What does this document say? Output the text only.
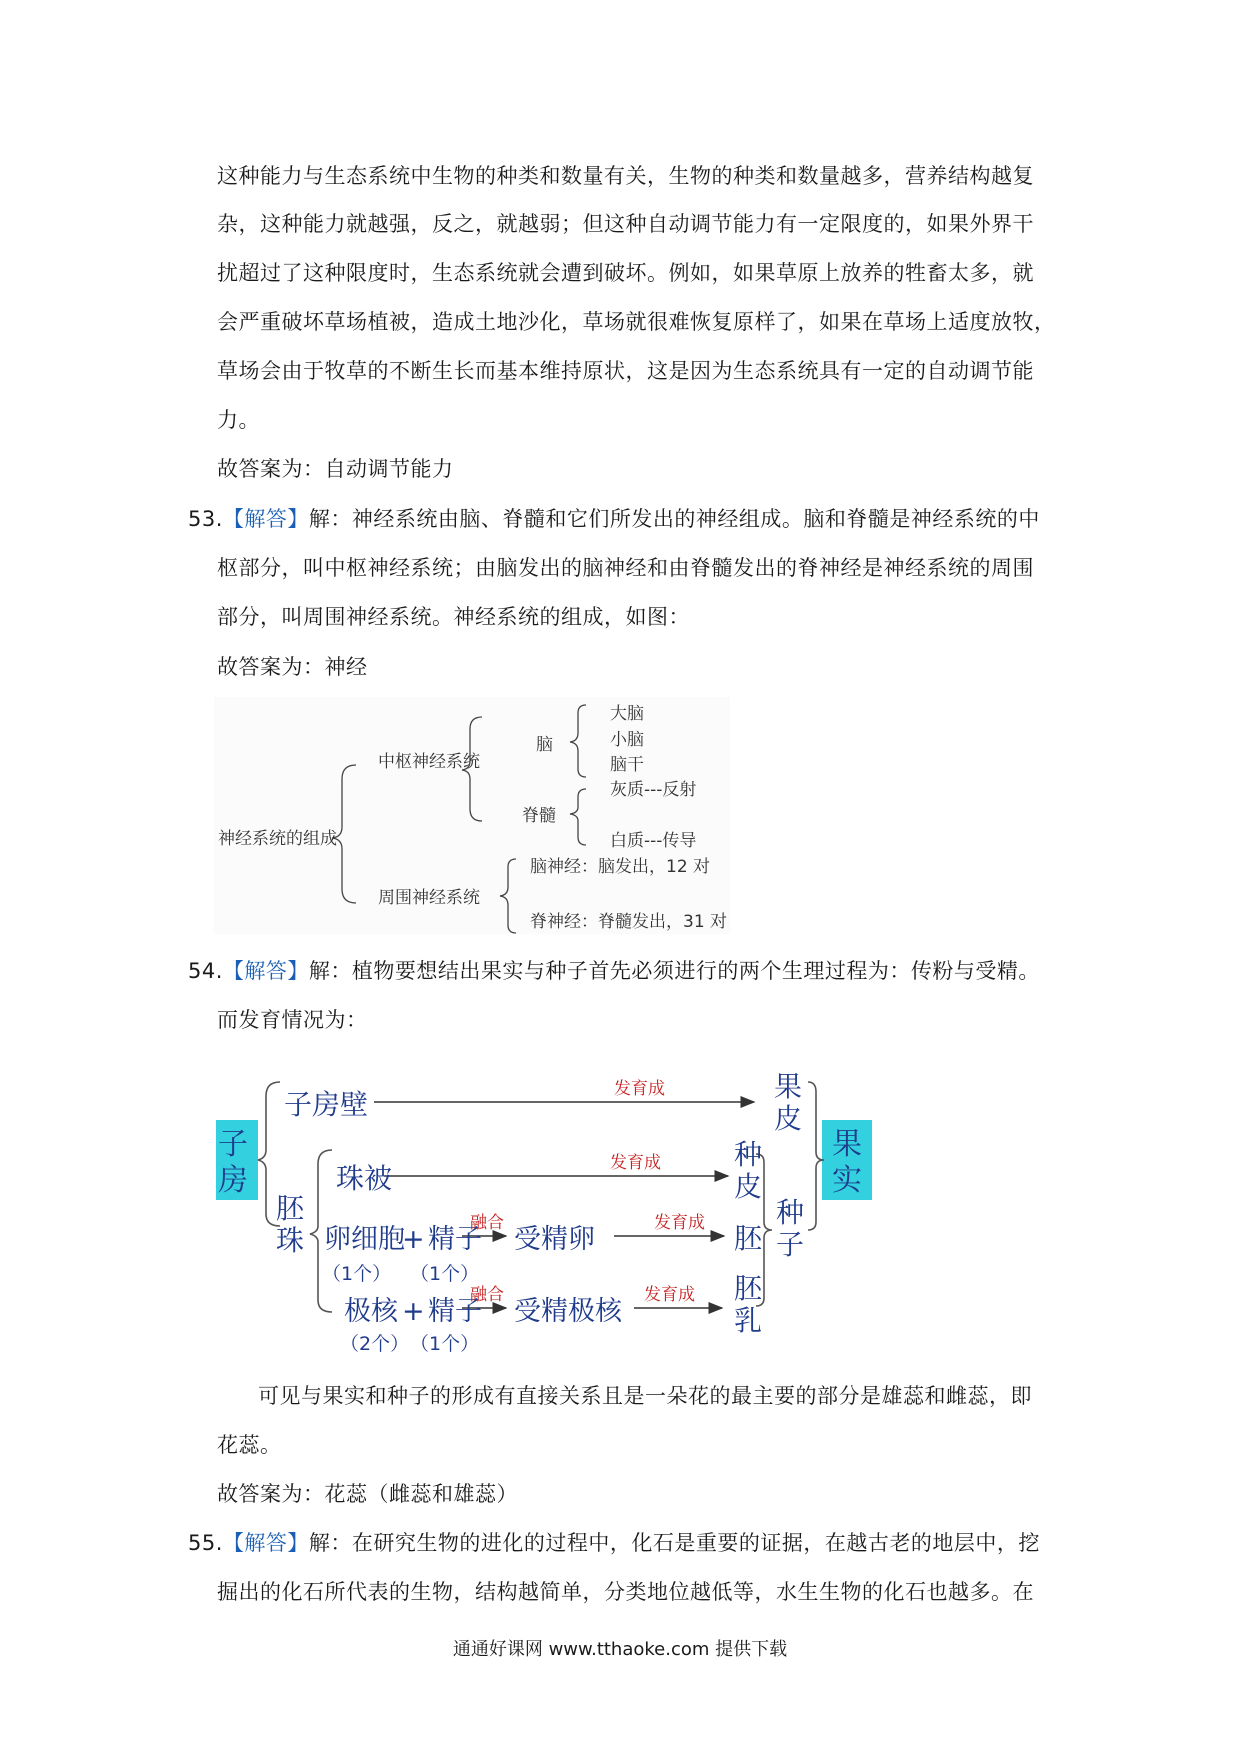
这种能力与生态系统中生物的种类和数量有关，生物的种类和数量越多，营养结构越复
杂，这种能力就越强，反之，就越弱；但这种自动调节能力有一定限度的，如果外界干
扰超过了这种限度时，生态系统就会遭到破坏。例如，如果草原上放养的牲畜太多，就
会严重破坏草场植被，造成土地沙化，草场就很难恢复原样了，如果在草场上适度放牧，
草场会由于牧草的不断生长而基本维持原状，这是因为生态系统具有一定的自动调节能
力。
故答案为：自动调节能力
53.【解答】解：神经系统由脑、脊髓和它们所发出的神经组成。脑和脊髓是神经系统的中
枢部分，叫中枢神经系统；由脑发出的脑神经和由脊髓发出的脊神经是神经系统的周围
部分，叫周围神经系统。神经系统的组成，如图：
故答案为：神经
神经系统的组成
中枢神经系统
周围神经系统
脑
大脑
小脑
脑干
脊髓
灰质---反射
白质---传导
脑神经：脑发出，12 对
脊神经：脊髓发出，31 对
54.【解答】解：植物要想结出果实与种子首先必须进行的两个生理过程为：传粉与受精。
而发育情况为：
子
房
子房壁
胚
珠
珠被
卵细胞
+ 精子
（1个） （1个）
融合
受精卵
发育成
极核 + 精子
（2个） （1个）
融合
受精极核
发育成
发育成
发育成
果
皮
种
皮
胚
胚
乳
种
子
果
实
可见与果实和种子的形成有直接关系且是一朵花的最主要的部分是雄蕊和雌蕊，即
花蕊。
故答案为：花蕊（雌蕊和雄蕊）
55.【解答】解：在研究生物的进化的过程中，化石是重要的证据，在越古老的地层中，挖
掘出的化石所代表的生物，结构越简单，分类地位越低等，水生生物的化石也越多。在
通通好课网 www.tthaoke.com 提供下载
